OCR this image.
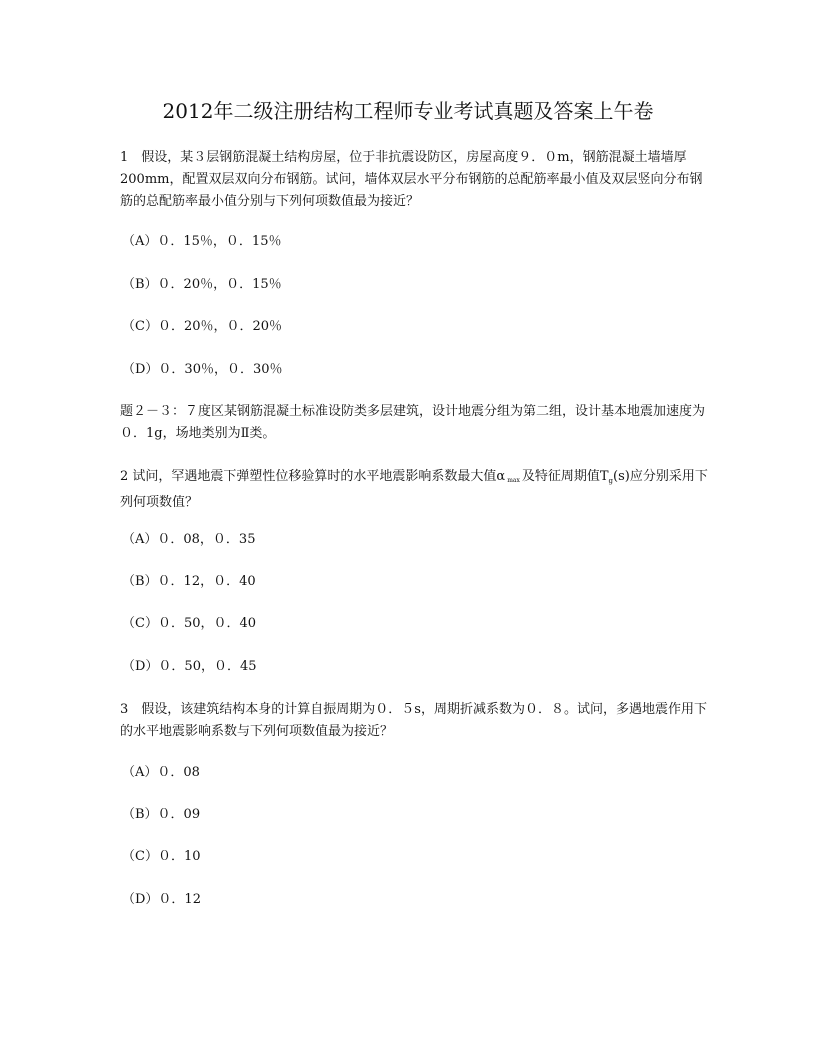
2012年二级注册结构工程师专业考试真题及答案上午卷

1　假设，某３层钢筋混凝土结构房屋，位于非抗震设防区，房屋高度９．０m，钢筋混凝土墙墙厚200mm，配置双层双向分布钢筋。试问，墙体双层水平分布钢筋的总配筋率最小值及双层竖向分布钢筋的总配筋率最小值分别与下列何项数值最为接近？

（A）０．15％，０．15％

（B）０．20％，０．15％

（C）０．20％，０．20％

（D）０．30％，０．30％

题２－３：７度区某钢筋混凝土标准设防类多层建筑，设计地震分组为第二组，设计基本地震加速度为０．1g，场地类别为Ⅱ类。

2 试问，罕遇地震下弹塑性位移验算时的水平地震影响系数最大值α $_{max}$ 及特征周期值$T_g(s)$应分别采用下列何项数值？

（A）０．08，０．35

（B）０．12，０．40

（C）０．50，０．40

（D）０．50，０．45

3　假设，该建筑结构本身的计算自振周期为０．５s，周期折减系数为０．８。试问，多遇地震作用下的水平地震影响系数与下列何项数值最为接近？

（A）０．08

（B）０．09

（C）０．10

（D）０．12
